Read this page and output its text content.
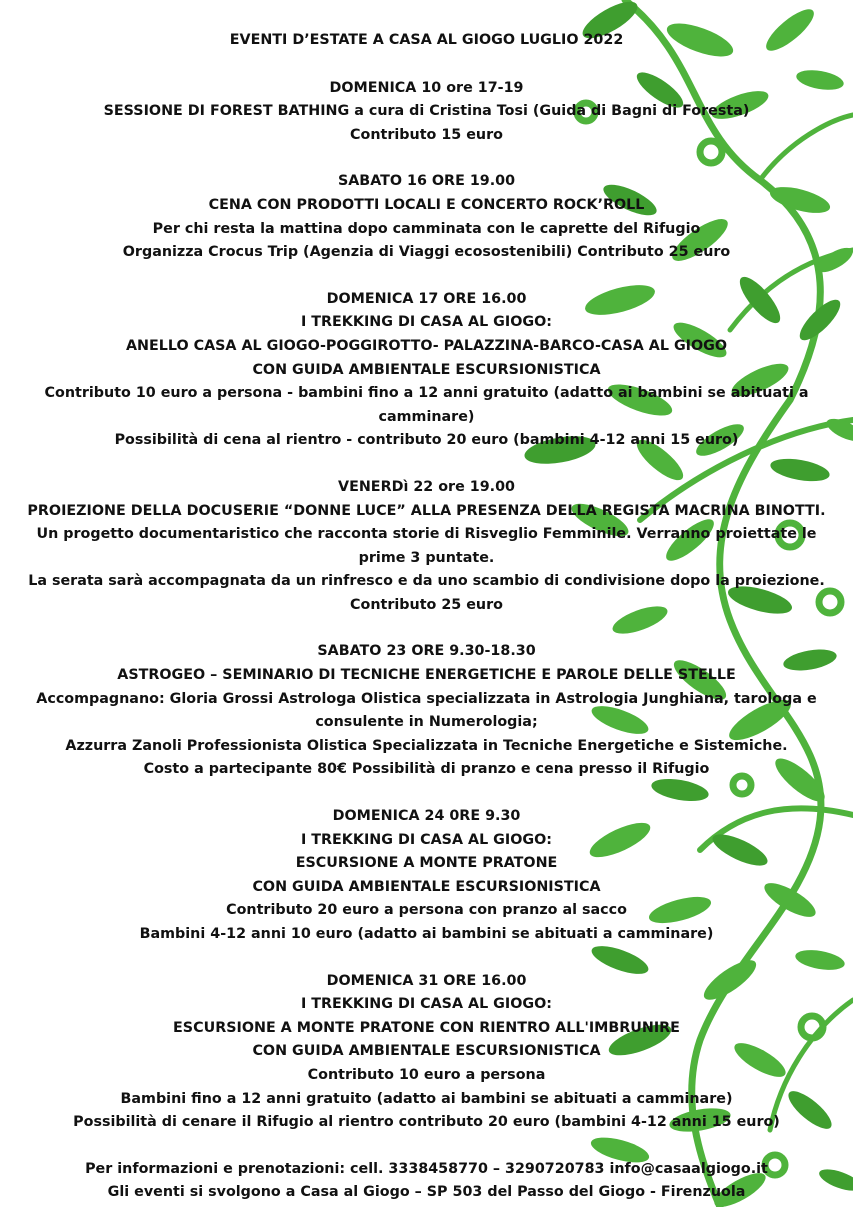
EVENTI D’ESTATE A CASA AL GIOGO LUGLIO 2022
DOMENICA 10 ore 17-19
SESSIONE DI FOREST BATHING a cura di Cristina Tosi (Guida di Bagni di Foresta)
Contributo 15 euro
SABATO 16 ORE 19.00
CENA CON PRODOTTI LOCALI E CONCERTO ROCK’ROLL
Per chi resta la mattina dopo camminata con le caprette del Rifugio
Organizza Crocus Trip (Agenzia di Viaggi ecosostenibili) Contributo 25 euro
DOMENICA 17 ORE 16.00
I TREKKING DI CASA AL GIOGO:
ANELLO CASA AL GIOGO-POGGIROTTO- PALAZZINA-BARCO-CASA AL GIOGO
CON GUIDA AMBIENTALE ESCURSIONISTICA
Contributo 10 euro a persona - bambini fino a 12 anni gratuito (adatto ai bambini se abituati a
camminare)
Possibilità di cena al rientro - contributo 20 euro (bambini 4-12 anni 15 euro)
VENERDì 22 ore 19.00
PROIEZIONE DELLA DOCUSERIE “DONNE LUCE” ALLA PRESENZA DELLA REGISTA MACRINA BINOTTI.
Un progetto documentaristico che racconta storie di Risveglio Femminile. Verranno proiettate le
prime 3 puntate.
La serata sarà accompagnata da un rinfresco e da uno scambio di condivisione dopo la proiezione.
Contributo 25 euro
SABATO 23 ORE 9.30-18.30
ASTROGEO – SEMINARIO DI TECNICHE ENERGETICHE E PAROLE DELLE STELLE
Accompagnano: Gloria Grossi Astrologa Olistica specializzata in Astrologia Junghiana, tarologa e
consulente in Numerologia;
Azzurra Zanoli Professionista Olistica Specializzata in Tecniche Energetiche e Sistemiche.
Costo a partecipante 80€ Possibilità di pranzo e cena presso il Rifugio
DOMENICA 24 0RE 9.30
I TREKKING DI CASA AL GIOGO:
ESCURSIONE A MONTE PRATONE
CON GUIDA AMBIENTALE ESCURSIONISTICA
Contributo 20 euro a persona con pranzo al sacco
Bambini 4-12 anni 10 euro (adatto ai bambini se abituati a camminare)
DOMENICA 31 ORE 16.00
I TREKKING DI CASA AL GIOGO:
ESCURSIONE A MONTE PRATONE CON RIENTRO ALL'IMBRUNIRE
CON GUIDA AMBIENTALE ESCURSIONISTICA
Contributo 10 euro a persona
Bambini fino a 12 anni gratuito (adatto ai bambini se abituati a camminare)
Possibilità di cenare il Rifugio al rientro contributo 20 euro (bambini 4-12 anni 15 euro)
Per informazioni e prenotazioni: cell. 3338458770 – 3290720783 info@casaalgiogo.it
Gli eventi si svolgono a Casa al Giogo – SP 503 del Passo del Giogo - Firenzuola
